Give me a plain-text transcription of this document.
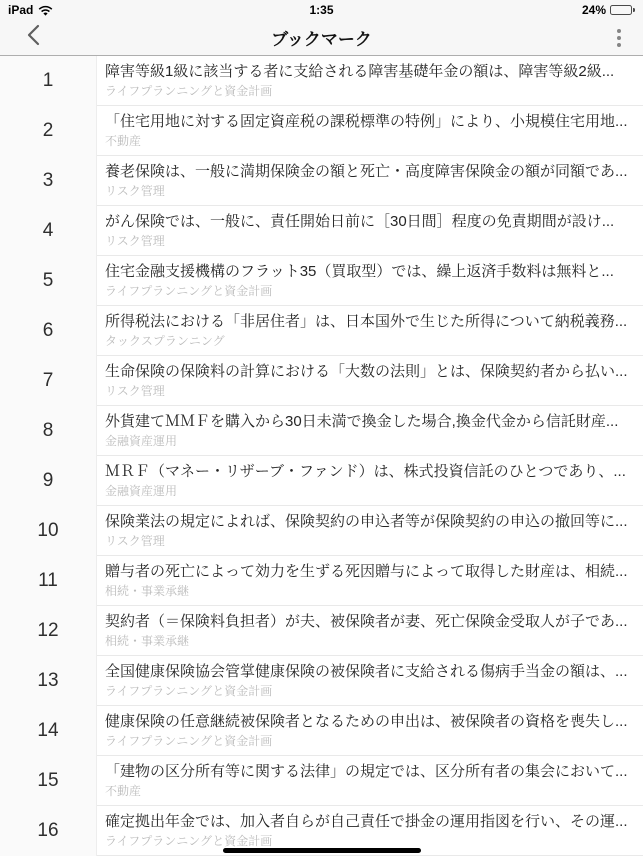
iPad	1:35	24%
ブックマーク
1	障害等級1級に該当する者に支給される障害基礎年金の額は、障害等級2級...
ライフプランニングと資金計画
2	「住宅用地に対する固定資産税の課税標準の特例」により、小規模住宅用地...
不動産
3	養老保険は、一般に満期保険金の額と死亡・高度障害保険金の額が同額であ...
リスク管理
4	がん保険では、一般に、責任開始日前に［30日間］程度の免責期間が設け...
リスク管理
5	住宅金融支援機構のフラット35（買取型）では、繰上返済手数料は無料と...
ライフプランニングと資金計画
6	所得税法における「非居住者」は、日本国外で生じた所得について納税義務...
タックスプランニング
7	生命保険の保険料の計算における「大数の法則」とは、保険契約者から払い...
リスク管理
8	外貨建てＭＭＦを購入から30日未満で換金した場合,換金代金から信託財産...
金融資産運用
9	ＭＲＦ（マネー・リザーブ・ファンド）は、株式投資信託のひとつであり、...
金融資産運用
10	保険業法の規定によれば、保険契約の申込者等が保険契約の申込の撤回等に...
リスク管理
11	贈与者の死亡によって効力を生ずる死因贈与によって取得した財産は、相続...
相続・事業承継
12	契約者（＝保険料負担者）が夫、被保険者が妻、死亡保険金受取人が子であ...
相続・事業承継
13	全国健康保険協会管掌健康保険の被保険者に支給される傷病手当金の額は、...
ライフプランニングと資金計画
14	健康保険の任意継続被保険者となるための申出は、被保険者の資格を喪失し...
ライフプランニングと資金計画
15	「建物の区分所有等に関する法律」の規定では、区分所有者の集会において...
不動産
16	確定拠出年金では、加入者自らが自己責任で掛金の運用指図を行い、その運...
ライフプランニングと資金計画
